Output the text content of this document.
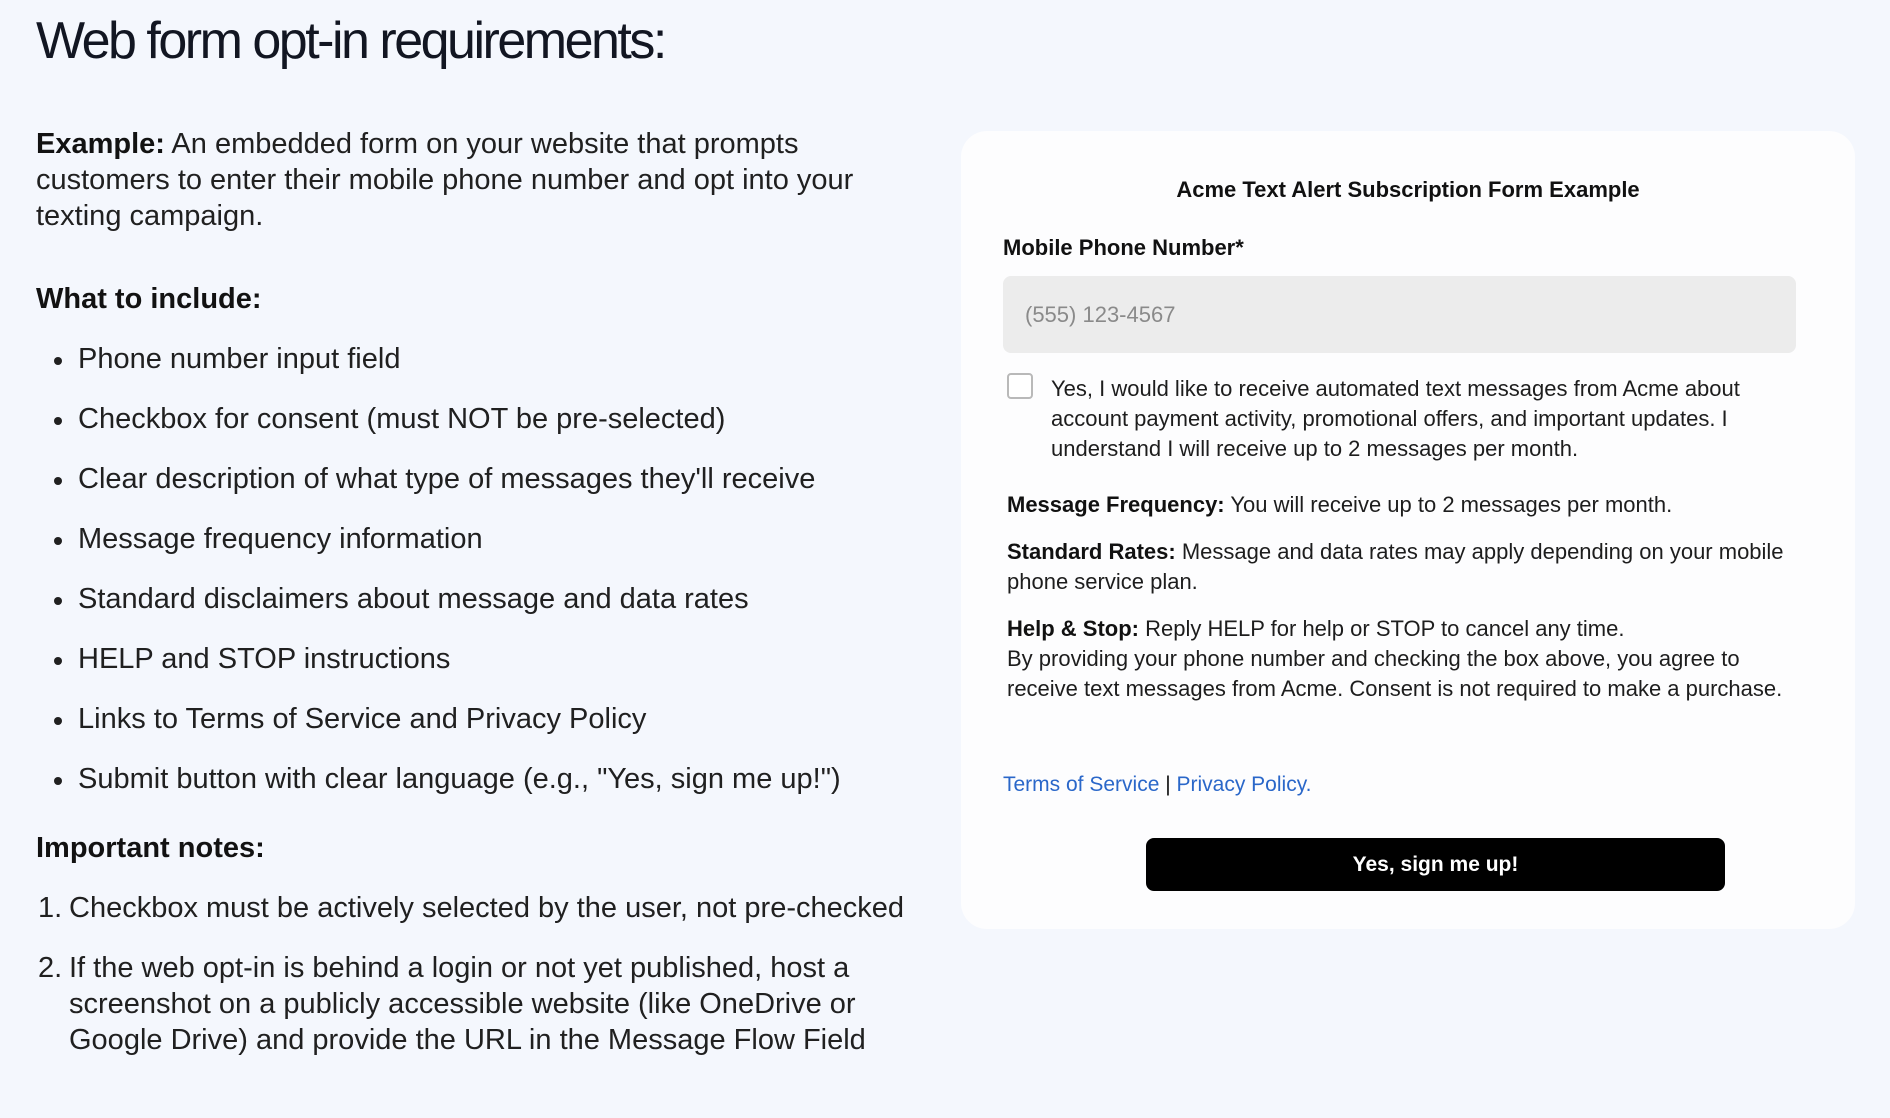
Web form opt-in requirements:

Example: An embedded form on your website that prompts customers to enter their mobile phone number and opt into your texting campaign.

What to include:
Phone number input field
Checkbox for consent (must NOT be pre-selected)
Clear description of what type of messages they'll receive
Message frequency information
Standard disclaimers about message and data rates
HELP and STOP instructions
Links to Terms of Service and Privacy Policy
Submit button with clear language (e.g., "Yes, sign me up!")
Important notes:
1. Checkbox must be actively selected by the user, not pre-checked
2. If the web opt-in is behind a login or not yet published, host a screenshot on a publicly accessible website (like OneDrive or Google Drive) and provide the URL in the Message Flow Field
Acme Text Alert Subscription Form Example
Mobile Phone Number*
(555) 123-4567
Yes, I would like to receive automated text messages from Acme about account payment activity, promotional offers, and important updates. I understand I will receive up to 2 messages per month.

Message Frequency: You will receive up to 2 messages per month.

Standard Rates: Message and data rates may apply depending on your mobile phone service plan.

Help & Stop: Reply HELP for help or STOP to cancel any time.

By providing your phone number and checking the box above, you agree to receive text messages from Acme. Consent is not required to make a purchase.

Terms of Service | Privacy Policy.
Yes, sign me up!
